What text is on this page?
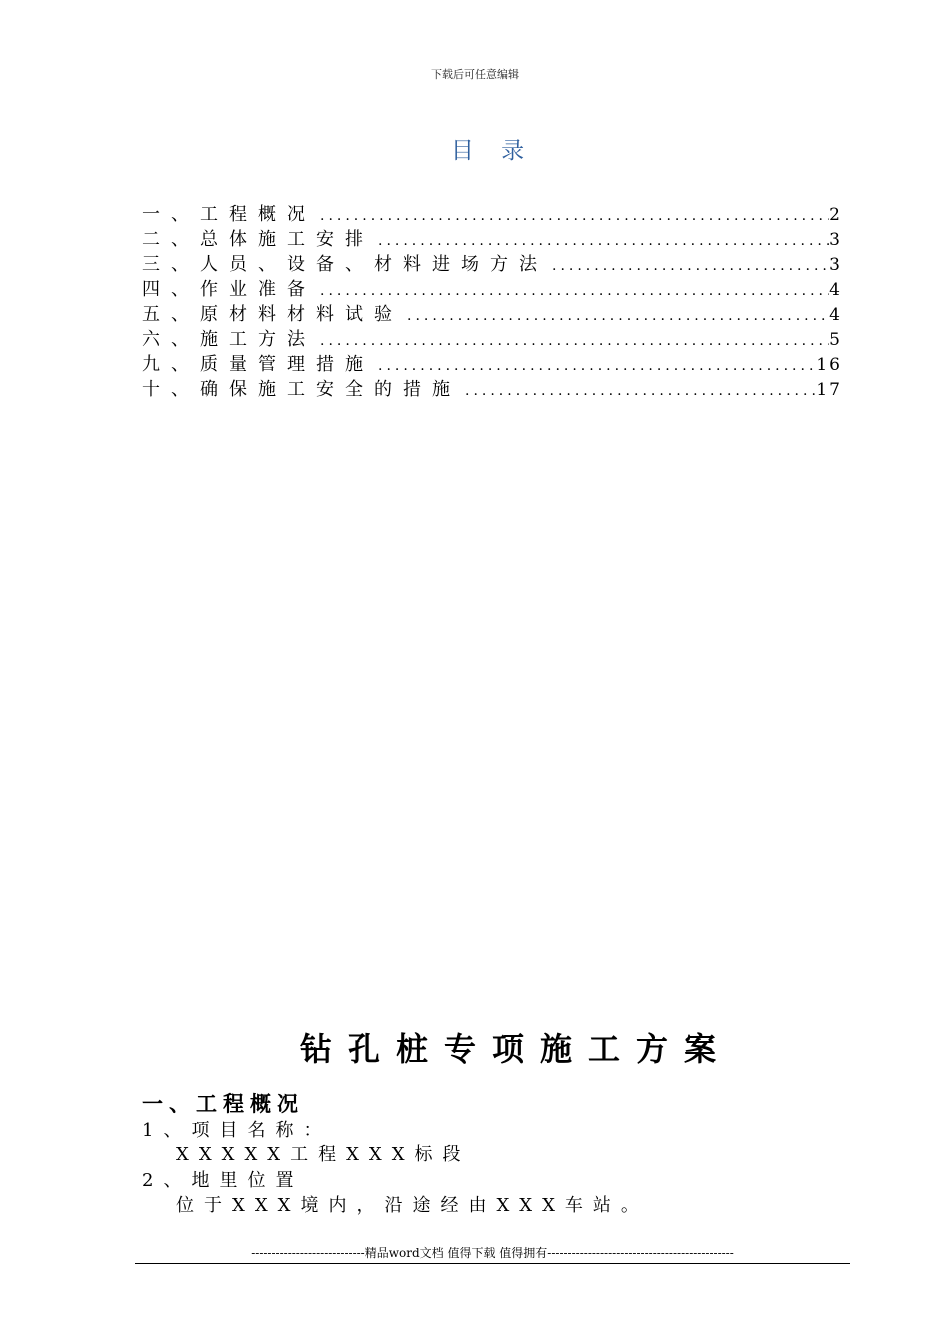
下载后可任意编辑
目 录
一、工程概况 .....	2
二、总体施工安排 .....	3
三、人员、设备、材料进场方法 .....	3
四、作业准备 .....	4
五、原材料材料试验 .....	4
六、施工方法 .....	5
九、质量管理措施 .....	16
十、确保施工安全的措施 .....	17
钻孔桩专项施工方案
一、工程概况
1、项目名称：
XXXXX工程XXX标段
2、地里位置
位于XXX境内，沿途经由XXX车站。
----------------------------精品word文档 值得下载 值得拥有----------------------------------------------
